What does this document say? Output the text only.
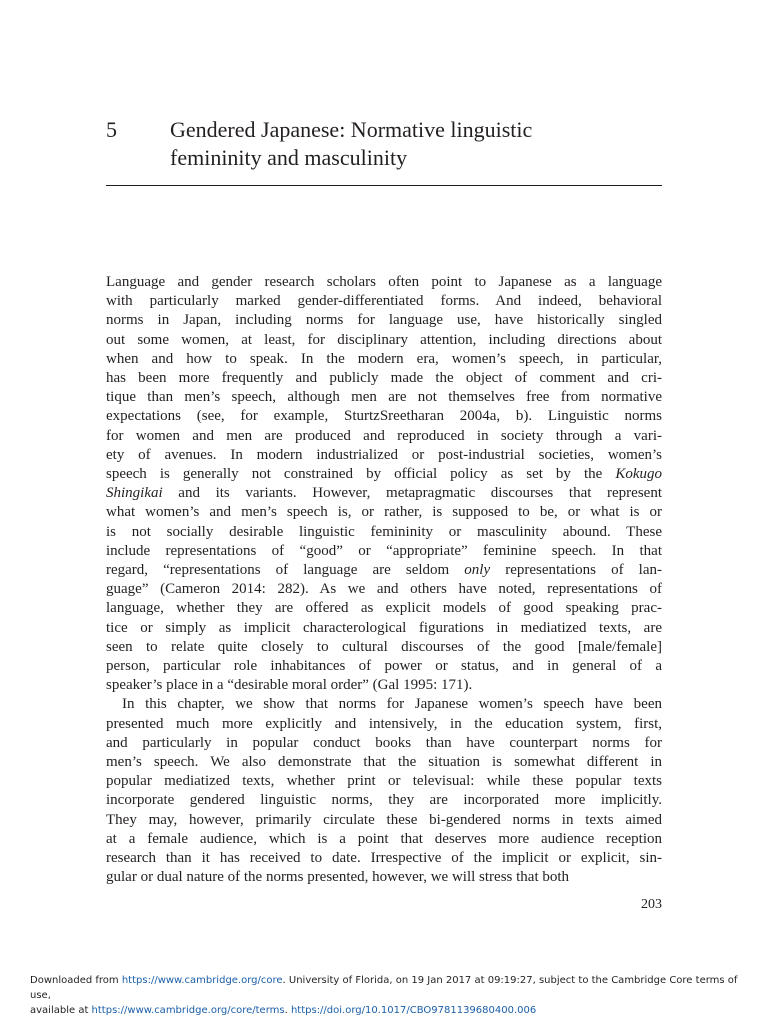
5	Gendered Japanese: Normative linguistic
femininity and masculinity

Language and gender research scholars often point to Japanese as a language
with particularly marked gender-differentiated forms. And indeed, behavioral
norms in Japan, including norms for language use, have historically singled
out some women, at least, for disciplinary attention, including directions about
when and how to speak. In the modern era, women’s speech, in particular,
has been more frequently and publicly made the object of comment and cri-
tique than men’s speech, although men are not themselves free from normative
expectations (see, for example, SturtzSreetharan 2004a, b). Linguistic norms
for women and men are produced and reproduced in society through a vari-
ety of avenues. In modern industrialized or post-industrial societies, women’s
speech is generally not constrained by official policy as set by the Kokugo
Shingikai and its variants. However, metapragmatic discourses that represent
what women’s and men’s speech is, or rather, is supposed to be, or what is or
is not socially desirable linguistic femininity or masculinity abound. These
include representations of “good” or “appropriate” feminine speech. In that
regard, “representations of language are seldom only representations of lan-
guage” (Cameron 2014: 282). As we and others have noted, representations of
language, whether they are offered as explicit models of good speaking prac-
tice or simply as implicit characterological figurations in mediatized texts, are
seen to relate quite closely to cultural discourses of the good [male/female]
person, particular role inhabitances of power or status, and in general of a
speaker’s place in a “desirable moral order” (Gal 1995: 171).

In this chapter, we show that norms for Japanese women’s speech have been
presented much more explicitly and intensively, in the education system, first,
and particularly in popular conduct books than have counterpart norms for
men’s speech. We also demonstrate that the situation is somewhat different in
popular mediatized texts, whether print or televisual: while these popular texts
incorporate gendered linguistic norms, they are incorporated more implicitly.
They may, however, primarily circulate these bi-gendered norms in texts aimed
at a female audience, which is a point that deserves more audience reception
research than it has received to date. Irrespective of the implicit or explicit, sin-
gular or dual nature of the norms presented, however, we will stress that both

203
Downloaded from https://www.cambridge.org/core. University of Florida, on 19 Jan 2017 at 09:19:27, subject to the Cambridge Core terms of use,
available at https://www.cambridge.org/core/terms. https://doi.org/10.1017/CBO9781139680400.006
